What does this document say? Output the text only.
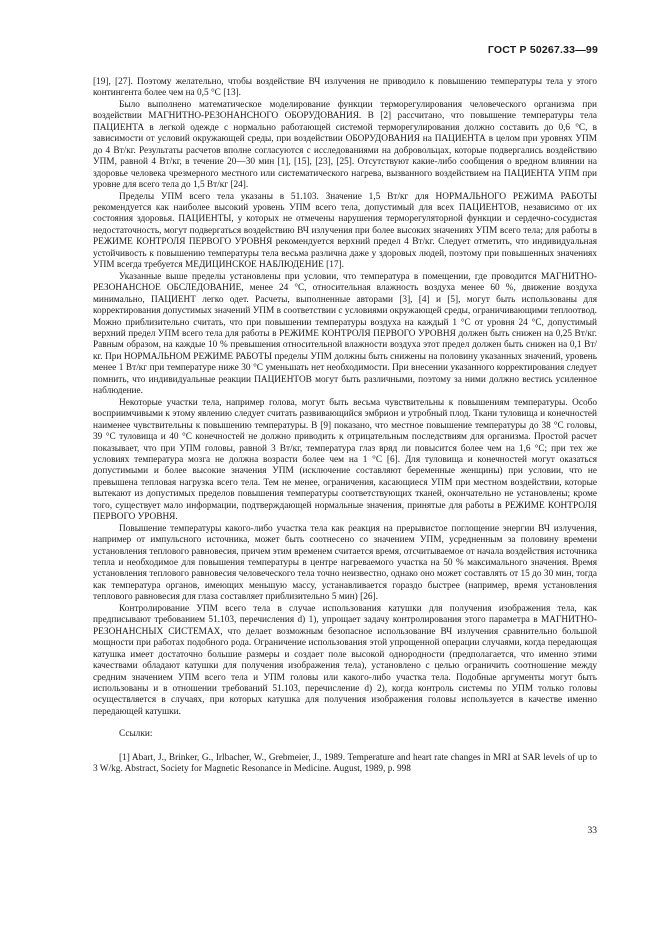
ГОСТ Р 50267.33—99

[19], [27]. Поэтому желательно, чтобы воздействие ВЧ излучения не приводило к повышению температуры тела у этого контингента более чем на 0,5 °С [13].

Было выполнено математическое моделирование функции терморегулирования человеческого организма при воздействии МАГНИТНО-РЕЗОНАНСНОГО ОБОРУДОВАНИЯ. В [2] рассчитано, что повышение температуры тела ПАЦИЕНТА в легкой одежде с нормально работающей системой терморегулирования должно составить до 0,6 °С, в зависимости от условий окружающей среды, при воздействии ОБОРУДОВАНИЯ на ПАЦИЕНТА в целом при уровнях УПМ до 4 Вт/кг. Результаты расчетов вполне согласуются с исследованиями на добровольцах, которые подвергались воздействию УПМ, равной 4 Вт/кг, в течение 20—30 мин [1], [15], [23], [25]. Отсутствуют какие-либо сообщения о вредном влиянии на здоровье человека чрезмерного местного или систематического нагрева, вызванного воздействием на ПАЦИЕНТА УПМ при уровне для всего тела до 1,5 Вт/кг [24].

Пределы УПМ всего тела указаны в 51.103. Значение 1,5 Вт/кг для НОРМАЛЬНОГО РЕЖИМА РАБОТЫ рекомендуется как наиболее высокий уровень УПМ всего тела, допустимый для всех ПАЦИЕНТОВ, независимо от их состояния здоровья. ПАЦИЕНТЫ, у которых не отмечены нарушения терморегуляторной функции и сердечно-сосудистая недостаточность, могут подвергаться воздействию ВЧ излучения при более высоких значениях УПМ всего тела; для работы в РЕЖИМЕ КОНТРОЛЯ ПЕРВОГО УРОВНЯ рекомендуется верхний предел 4 Вт/кг. Следует отметить, что индивидуальная устойчивость к повышению температуры тела весьма различна даже у здоровых людей, поэтому при повышенных значениях УПМ всегда требуется МЕДИЦИНСКОЕ НАБЛЮДЕНИЕ [17].

Указанные выше пределы установлены при условии, что температура в помещении, где проводится МАГНИТНО-РЕЗОНАНСНОЕ ОБСЛЕДОВАНИЕ, менее 24 °С, относительная влажность воздуха менее 60 %, движение воздуха минимально, ПАЦИЕНТ легко одет. Расчеты, выполненные авторами [3], [4] и [5], могут быть использованы для корректирования допустимых значений УПМ в соответствии с условиями окружающей среды, ограничивающими теплоотвод. Можно приблизительно считать, что при повышении температуры воздуха на каждый 1 °С от уровня 24 °С, допустимый верхний предел УПМ всего тела для работы в РЕЖИМЕ КОНТРОЛЯ ПЕРВОГО УРОВНЯ должен быть снижен на 0,25 Вт/кг. Равным образом, на каждые 10 % превышения относительной влажности воздуха этот предел должен быть снижен на 0,1 Вт/кг. При НОРМАЛЬНОМ РЕЖИМЕ РАБОТЫ пределы УПМ должны быть снижены на половину указанных значений, уровень менее 1 Вт/кг при температуре ниже 30 °С уменьшать нет необходимости. При внесении указанного корректирования следует помнить, что индивидуальные реакции ПАЦИЕНТОВ могут быть различными, поэтому за ними должно вестись усиленное наблюдение.

Некоторые участки тела, например голова, могут быть весьма чувствительны к повышениям температуры. Особо восприимчивыми к этому явлению следует считать развивающийся эмбрион и утробный плод. Ткани туловища и конечностей наименее чувствительны к повышению температуры. В [9] показано, что местное повышение температуры до 38 °С головы, 39 °С туловища и 40 °С конечностей не должно приводить к отрицательным последствиям для организма. Простой расчет показывает, что при УПМ головы, равной 3 Вт/кг, температура глаз вряд ли повысится более чем на 1,6 °С; при тех же условиях температура мозга не должна возрасти более чем на 1 °С [6]. Для туловища и конечностей могут оказаться допустимыми и более высокие значения УПМ (исключение составляют беременные женщины) при условии, что не превышена тепловая нагрузка всего тела. Тем не менее, ограничения, касающиеся УПМ при местном воздействии, которые вытекают из допустимых пределов повышения температуры соответствующих тканей, окончательно не установлены; кроме того, существует мало информации, подтверждающей нормальные значения, принятые для работы в РЕЖИМЕ КОНТРОЛЯ ПЕРВОГО УРОВНЯ.

Повышение температуры какого-либо участка тела как реакция на прерывистое поглощение энергии ВЧ излучения, например от импульсного источника, может быть соотнесено со значением УПМ, усредненным за половину времени установления теплового равновесия, причем этим временем считается время, отсчитываемое от начала воздействия источника тепла и необходимое для повышения температуры в центре нагреваемого участка на 50 % максимального значения. Время установления теплового равновесия человеческого тела точно неизвестно, однако оно может составлять от 15 до 30 мин, тогда как температура органов, имеющих меньшую массу, устанавливается гораздо быстрее (например, время установления теплового равновесия для глаза составляет приблизительно 5 мин) [26].

Контролирование УПМ всего тела в случае использования катушки для получения изображения тела, как предписывают требованием 51.103, перечисления d) 1), упрощает задачу контролирования этого параметра в МАГНИТНО-РЕЗОНАНСНЫХ СИСТЕМАХ, что делает возможным безопасное использование ВЧ излучения сравнительно большой мощности при работах подобного рода. Ограничение использования этой упрощенной операции случаями, когда передающая катушка имеет достаточно большие размеры и создает поле высокой однородности (предполагается, что именно этими качествами обладают катушки для получения изображения тела), установлено с целью ограничить соотношение между средним значением УПМ всего тела и УПМ головы или какого-либо участка тела. Подобные аргументы могут быть использованы и в отношении требований 51.103, перечисление d) 2), когда контроль системы по УПМ только головы осуществляется в случаях, при которых катушка для получения изображения головы используется в качестве именно передающей катушки.

Ссылки:

[1] Abart, J., Brinker, G., Irlbacher, W., Grebmeier, J., 1989. Temperature and heart rate changes in MRI at SAR levels of up to 3 W/kg. Abstract, Society for Magnetic Resonance in Medicine. August, 1989, p. 998

33
